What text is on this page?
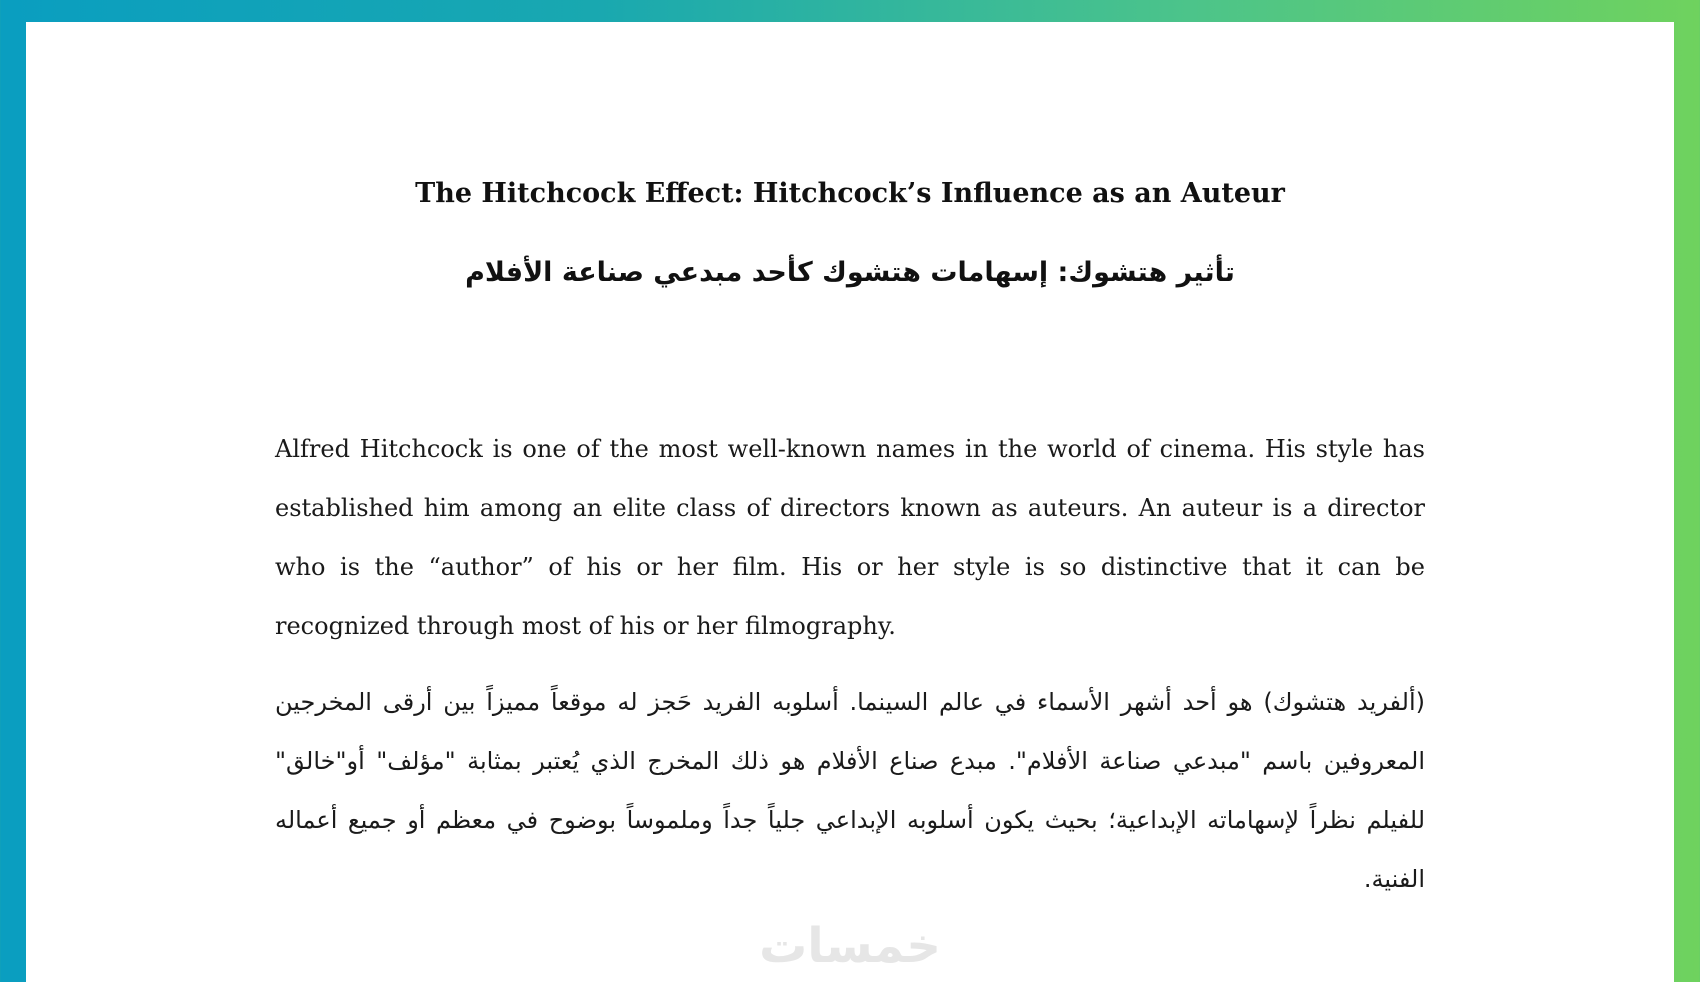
The Hitchcock Effect: Hitchcock’s Influence as an Auteur
تأثير هتشوك: إسهامات هتشوك كأحد مبدعي صناعة الأفلام

Alfred Hitchcock is one of the most well-known names in the world of cinema. His style has established him among an elite class of directors known as auteurs. An auteur is a director who is the “author” of his or her film. His or her style is so distinctive that it can be recognized through most of his or her filmography.

(ألفريد هتشوك) هو أحد أشهر الأسماء في عالم السينما. أسلوبه الفريد حَجز له موقعاً مميزاً بين أرقى المخرجين المعروفين باسم "مبدعي صناعة الأفلام". مبدع صناع الأفلام هو ذلك المخرج الذي يُعتبر بمثابة "مؤلف" أو"خالق" للفيلم نظراً لإسهاماته الإبداعية؛ بحيث يكون أسلوبه الإبداعي جلياً جداً وملموساً بوضوح في معظم أو جميع أعماله الفنية.

خمسات
